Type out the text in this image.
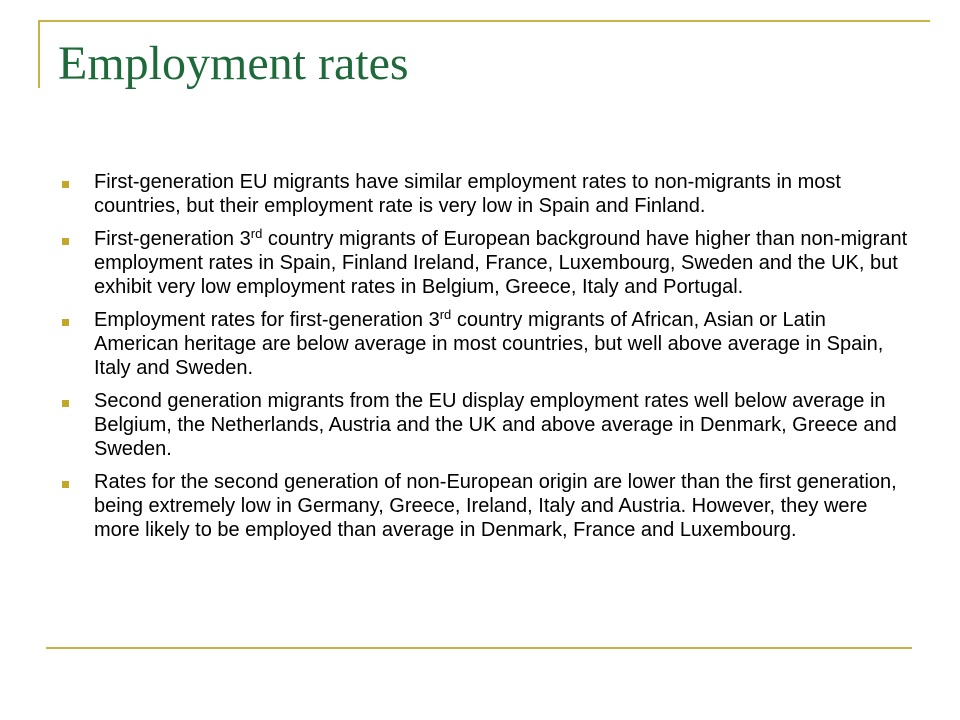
Employment rates
First-generation EU migrants have similar employment rates to non-migrants in most countries, but their employment rate is very low in Spain and Finland.
First-generation 3rd country migrants of European background have higher than non-migrant employment rates in Spain, Finland Ireland, France, Luxembourg, Sweden and the UK, but exhibit very low employment rates in Belgium, Greece, Italy and Portugal.
Employment rates for first-generation 3rd country migrants of African, Asian or Latin American heritage are below average in most countries, but well above average in Spain, Italy and Sweden.
Second generation migrants from the EU display employment rates well below average in Belgium, the Netherlands, Austria and the UK and above average in Denmark, Greece and Sweden.
Rates for the second generation of non-European origin are lower than the first generation, being extremely low in Germany, Greece, Ireland, Italy and Austria. However, they were more likely to be employed than average in Denmark, France and Luxembourg.
